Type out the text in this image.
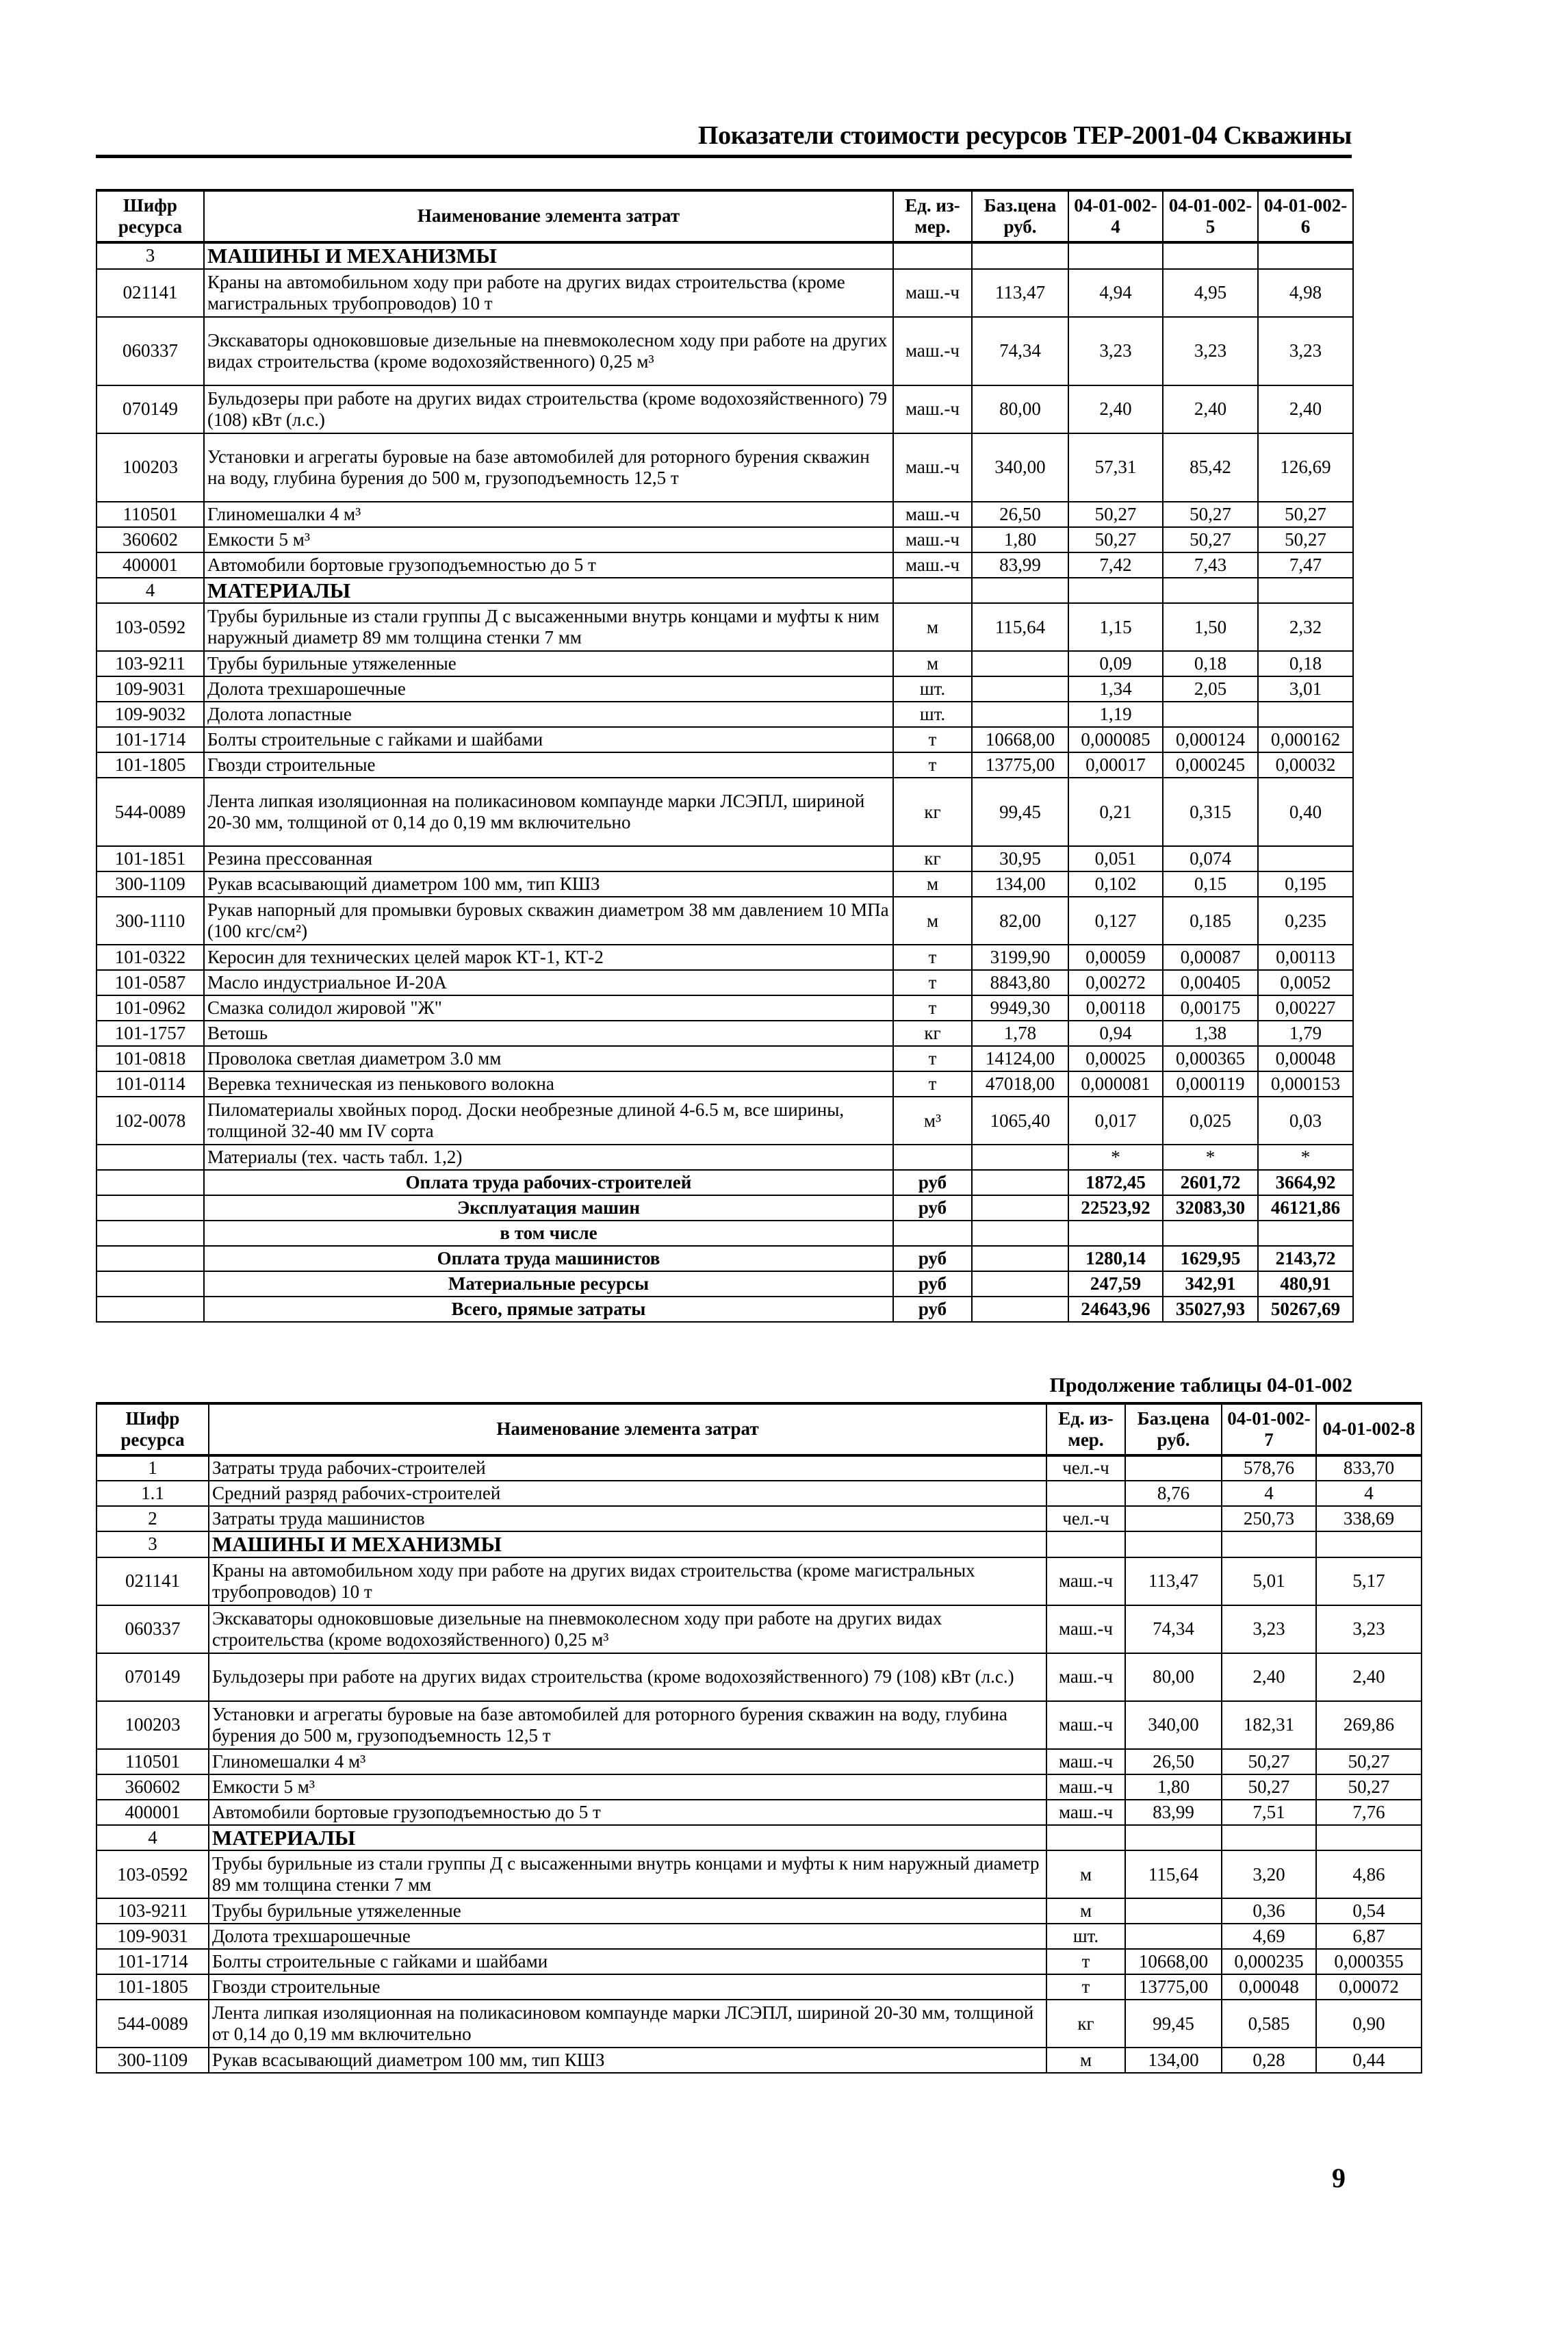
Показатели стоимости ресурсов ТЕР-2001-04 Скважины
Шифр ресурса	Наименование элемента затрат	Ед. из-мер.	Баз.цена руб.	04-01-002-4	04-01-002-5	04-01-002-6
3	МАШИНЫ И МЕХАНИЗМЫ					
021141	Краны на автомобильном ходу при работе на других видах строительства (кроме магистральных трубопроводов) 10 т	маш.-ч	113,47	4,94	4,95	4,98
060337	Экскаваторы одноковшовые дизельные на пневмоколесном ходу при работе на других видах строительства (кроме водохозяйственного) 0,25 м³	маш.-ч	74,34	3,23	3,23	3,23
070149	Бульдозеры при работе на других видах строительства (кроме водохозяйственного) 79 (108) кВт (л.с.)	маш.-ч	80,00	2,40	2,40	2,40
100203	Установки и агрегаты буровые на базе автомобилей для роторного бурения скважин на воду, глубина бурения до 500 м, грузоподъемность 12,5 т	маш.-ч	340,00	57,31	85,42	126,69
110501	Глиномешалки 4 м³	маш.-ч	26,50	50,27	50,27	50,27
360602	Емкости 5 м³	маш.-ч	1,80	50,27	50,27	50,27
400001	Автомобили бортовые грузоподъемностью до 5 т	маш.-ч	83,99	7,42	7,43	7,47
4	МАТЕРИАЛЫ					
103-0592	Трубы бурильные из стали группы Д с высаженными внутрь концами и муфты к ним наружный диаметр 89 мм толщина стенки 7 мм	м	115,64	1,15	1,50	2,32
103-9211	Трубы бурильные утяжеленные	м		0,09	0,18	0,18
109-9031	Долота трехшарошечные	шт.		1,34	2,05	3,01
109-9032	Долота лопастные	шт.		1,19		
101-1714	Болты строительные с гайками и шайбами	т	10668,00	0,000085	0,000124	0,000162
101-1805	Гвозди строительные	т	13775,00	0,00017	0,000245	0,00032
544-0089	Лента липкая изоляционная на поликасиновом компаунде марки ЛСЭПЛ, шириной 20-30 мм, толщиной от 0,14 до 0,19 мм включительно	кг	99,45	0,21	0,315	0,40
101-1851	Резина прессованная	кг	30,95	0,051	0,074	
300-1109	Рукав всасывающий диаметром 100 мм, тип КШЗ	м	134,00	0,102	0,15	0,195
300-1110	Рукав напорный для промывки буровых скважин диаметром 38 мм давлением 10 МПа (100 кгс/см²)	м	82,00	0,127	0,185	0,235
101-0322	Керосин для технических целей марок КТ-1, КТ-2	т	3199,90	0,00059	0,00087	0,00113
101-0587	Масло индустриальное И-20А	т	8843,80	0,00272	0,00405	0,0052
101-0962	Смазка солидол жировой "Ж"	т	9949,30	0,00118	0,00175	0,00227
101-1757	Ветошь	кг	1,78	0,94	1,38	1,79
101-0818	Проволока светлая диаметром 3.0 мм	т	14124,00	0,00025	0,000365	0,00048
101-0114	Веревка техническая из пенькового волокна	т	47018,00	0,000081	0,000119	0,000153
102-0078	Пиломатериалы хвойных пород. Доски необрезные длиной 4-6.5 м, все ширины, толщиной 32-40 мм IV сорта	м³	1065,40	0,017	0,025	0,03
	Материалы (тех. часть табл. 1,2)			*	*	*
	Оплата труда рабочих-строителей	руб		1872,45	2601,72	3664,92
	Эксплуатация машин	руб		22523,92	32083,30	46121,86
	в том числе					
	Оплата труда машинистов	руб		1280,14	1629,95	2143,72
	Материальные ресурсы	руб		247,59	342,91	480,91
	Всего, прямые затраты	руб		24643,96	35027,93	50267,69
Продолжение таблицы 04-01-002
Шифр ресурса	Наименование элемента затрат	Ед. из-мер.	Баз.цена руб.	04-01-002-7	04-01-002-8
1	Затраты труда рабочих-строителей	чел.-ч		578,76	833,70
1.1	Средний разряд рабочих-строителей		8,76	4	4
2	Затраты труда машинистов	чел.-ч		250,73	338,69
3	МАШИНЫ И МЕХАНИЗМЫ				
021141	Краны на автомобильном ходу при работе на других видах строительства (кроме магистральных трубопроводов) 10 т	маш.-ч	113,47	5,01	5,17
060337	Экскаваторы одноковшовые дизельные на пневмоколесном ходу при работе на других видах строительства (кроме водохозяйственного) 0,25 м³	маш.-ч	74,34	3,23	3,23
070149	Бульдозеры при работе на других видах строительства (кроме водохозяйственного) 79 (108) кВт (л.с.)	маш.-ч	80,00	2,40	2,40
100203	Установки и агрегаты буровые на базе автомобилей для роторного бурения скважин на воду, глубина бурения до 500 м, грузоподъемность 12,5 т	маш.-ч	340,00	182,31	269,86
110501	Глиномешалки 4 м³	маш.-ч	26,50	50,27	50,27
360602	Емкости 5 м³	маш.-ч	1,80	50,27	50,27
400001	Автомобили бортовые грузоподъемностью до 5 т	маш.-ч	83,99	7,51	7,76
4	МАТЕРИАЛЫ				
103-0592	Трубы бурильные из стали группы Д с высаженными внутрь концами и муфты к ним наружный диаметр 89 мм толщина стенки 7 мм	м	115,64	3,20	4,86
103-9211	Трубы бурильные утяжеленные	м		0,36	0,54
109-9031	Долота трехшарошечные	шт.		4,69	6,87
101-1714	Болты строительные с гайками и шайбами	т	10668,00	0,000235	0,000355
101-1805	Гвозди строительные	т	13775,00	0,00048	0,00072
544-0089	Лента липкая изоляционная на поликасиновом компаунде марки ЛСЭПЛ, шириной 20-30 мм, толщиной от 0,14 до 0,19 мм включительно	кг	99,45	0,585	0,90
300-1109	Рукав всасывающий диаметром 100 мм, тип КШЗ	м	134,00	0,28	0,44
9
